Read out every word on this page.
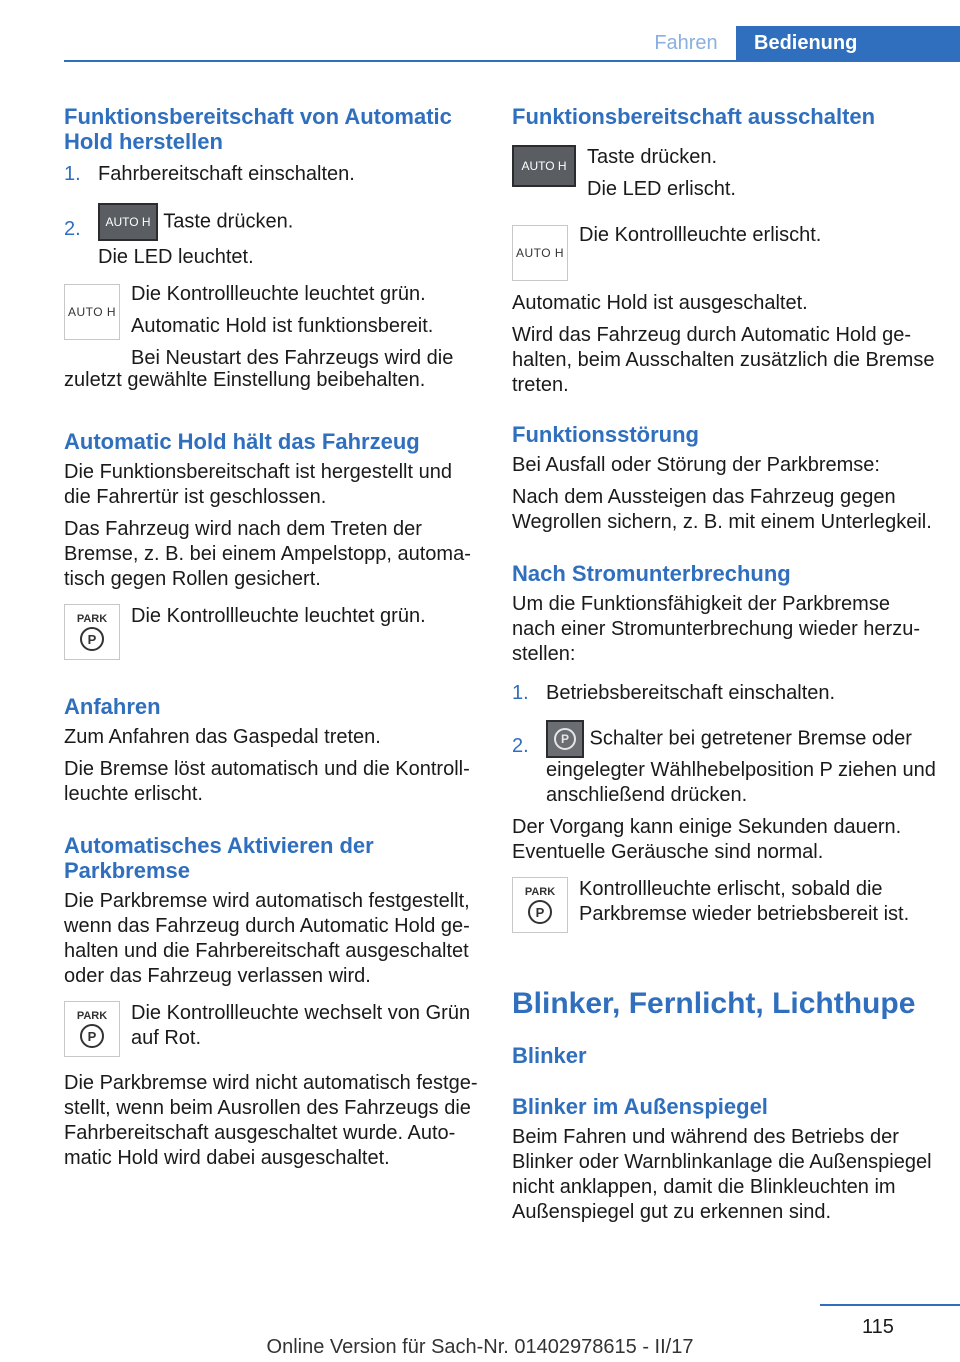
Fahren	Bedienung
Funktionsbereitschaft von Automatic Hold herstellen
1. Fahrbereitschaft einschalten.
2. AUTO H Taste drücken.
Die LED leuchtet.
AUTO H
Die Kontrollleuchte leuchtet grün.
Automatic Hold ist funktionsbereit.
Bei Neustart des Fahrzeugs wird die
zuletzt gewählte Einstellung beibehalten.
Automatic Hold hält das Fahrzeug
Die Funktionsbereitschaft ist hergestellt und die Fahrertür ist geschlossen.
Das Fahrzeug wird nach dem Treten der Bremse, z. B. bei einem Ampelstopp, automatisch gegen Rollen gesichert.
PARK
P
Die Kontrollleuchte leuchtet grün.
Anfahren
Zum Anfahren das Gaspedal treten.
Die Bremse löst automatisch und die Kontrollleuchte erlischt.
Automatisches Aktivieren der Parkbremse
Die Parkbremse wird automatisch festgestellt, wenn das Fahrzeug durch Automatic Hold gehalten und die Fahrbereitschaft ausgeschaltet oder das Fahrzeug verlassen wird.
PARK
P
Die Kontrollleuchte wechselt von Grün auf Rot.
Die Parkbremse wird nicht automatisch festgestellt, wenn beim Ausrollen des Fahrzeugs die Fahrbereitschaft ausgeschaltet wurde. Automatic Hold wird dabei ausgeschaltet.
Funktionsbereitschaft ausschalten
AUTO H	Taste drücken.
Die LED erlischt.
AUTO H
Die Kontrollleuchte erlischt.
Automatic Hold ist ausgeschaltet.
Wird das Fahrzeug durch Automatic Hold gehalten, beim Ausschalten zusätzlich die Bremse treten.
Funktionsstörung
Bei Ausfall oder Störung der Parkbremse:
Nach dem Aussteigen das Fahrzeug gegen Wegrollen sichern, z. B. mit einem Unterlegkeil.
Nach Stromunterbrechung
Um die Funktionsfähigkeit der Parkbremse nach einer Stromunterbrechung wieder herzustellen:
1. Betriebsbereitschaft einschalten.
2.	P Schalter bei getretener Bremse oder eingelegter Wählhebelposition P ziehen und anschließend drücken.
Der Vorgang kann einige Sekunden dauern. Eventuelle Geräusche sind normal.
PARK
P
Kontrollleuchte erlischt, sobald die Parkbremse wieder betriebsbereit ist.
Blinker, Fernlicht, Lichthupe
Blinker
Blinker im Außenspiegel
Beim Fahren und während des Betriebs der Blinker oder Warnblinkanlage die Außenspiegel nicht anklappen, damit die Blinkleuchten im Außenspiegel gut zu erkennen sind.
115
Online Version für Sach-Nr. 01402978615 - II/17
